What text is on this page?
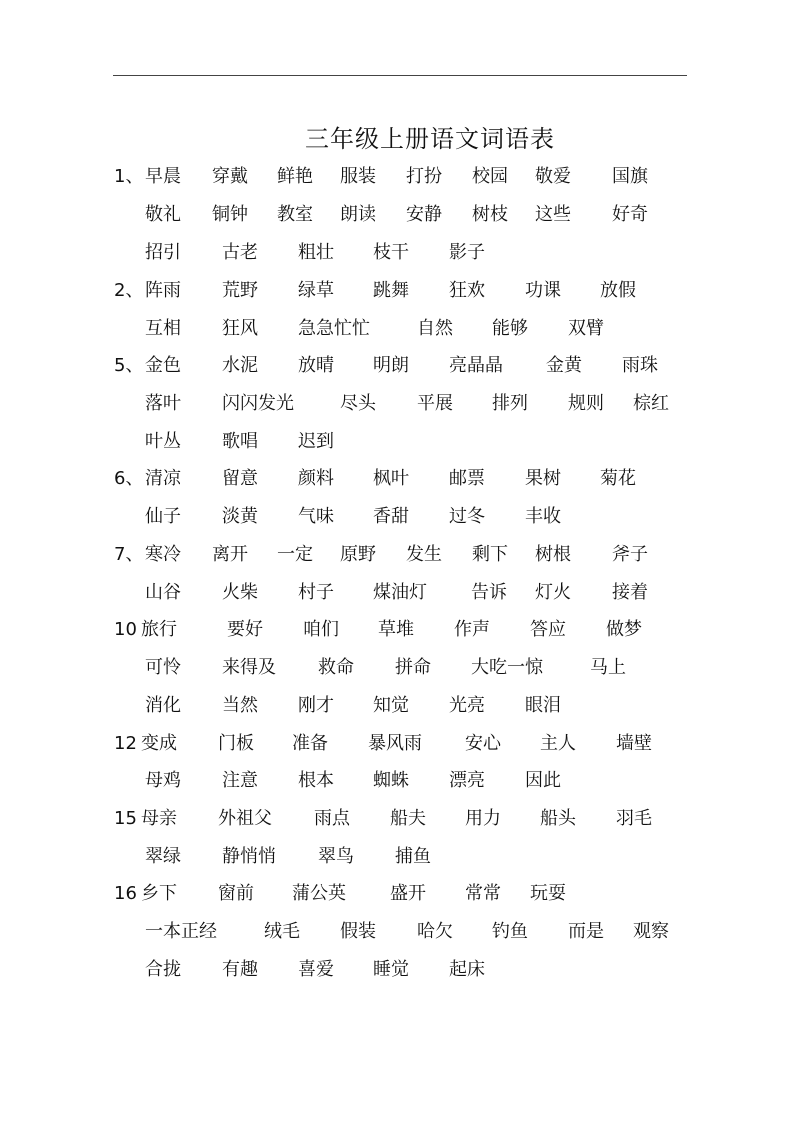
三年级上册语文词语表
1、 早晨 穿戴 鲜艳 服装 打扮 校园 敬爱 国旗
敬礼 铜钟 教室 朗读 安静 树枝 这些 好奇
招引 古老 粗壮 枝干 影子
2、 阵雨 荒野 绿草 跳舞 狂欢 功课 放假
互相 狂风 急急忙忙	自然 能够 双臂
5、 金色 水泥 放晴 明朗 亮晶晶 金黄 雨珠
落叶 闪闪发光	尽头 平展 排列 规则 棕红
叶丛 歌唱 迟到
6、 清凉 留意 颜料 枫叶 邮票 果树 菊花
仙子 淡黄 气味 香甜 过冬 丰收
7、 寒冷 离开 一定 原野 发生 剩下 树根 斧子
山谷 火柴 村子 煤油灯 告诉 灯火 接着
10 旅行	要好 咱们 草堆 作声 答应 做梦
可怜 来得及 救命 拼命 大吃一惊	马上
消化 当然 刚才 知觉 光亮 眼泪
12 变成 门板 准备 暴风雨 安心 主人 墙壁
母鸡 注意 根本 蜘蛛 漂亮 因此
15 母亲 外祖父 雨点 船夫 用力 船头 羽毛
翠绿 静悄悄 翠鸟 捕鱼
16 乡下 窗前 蒲公英 盛开 常常 玩耍
一本正经	绒毛 假装 哈欠 钓鱼 而是 观察
合拢 有趣 喜爱 睡觉 起床
